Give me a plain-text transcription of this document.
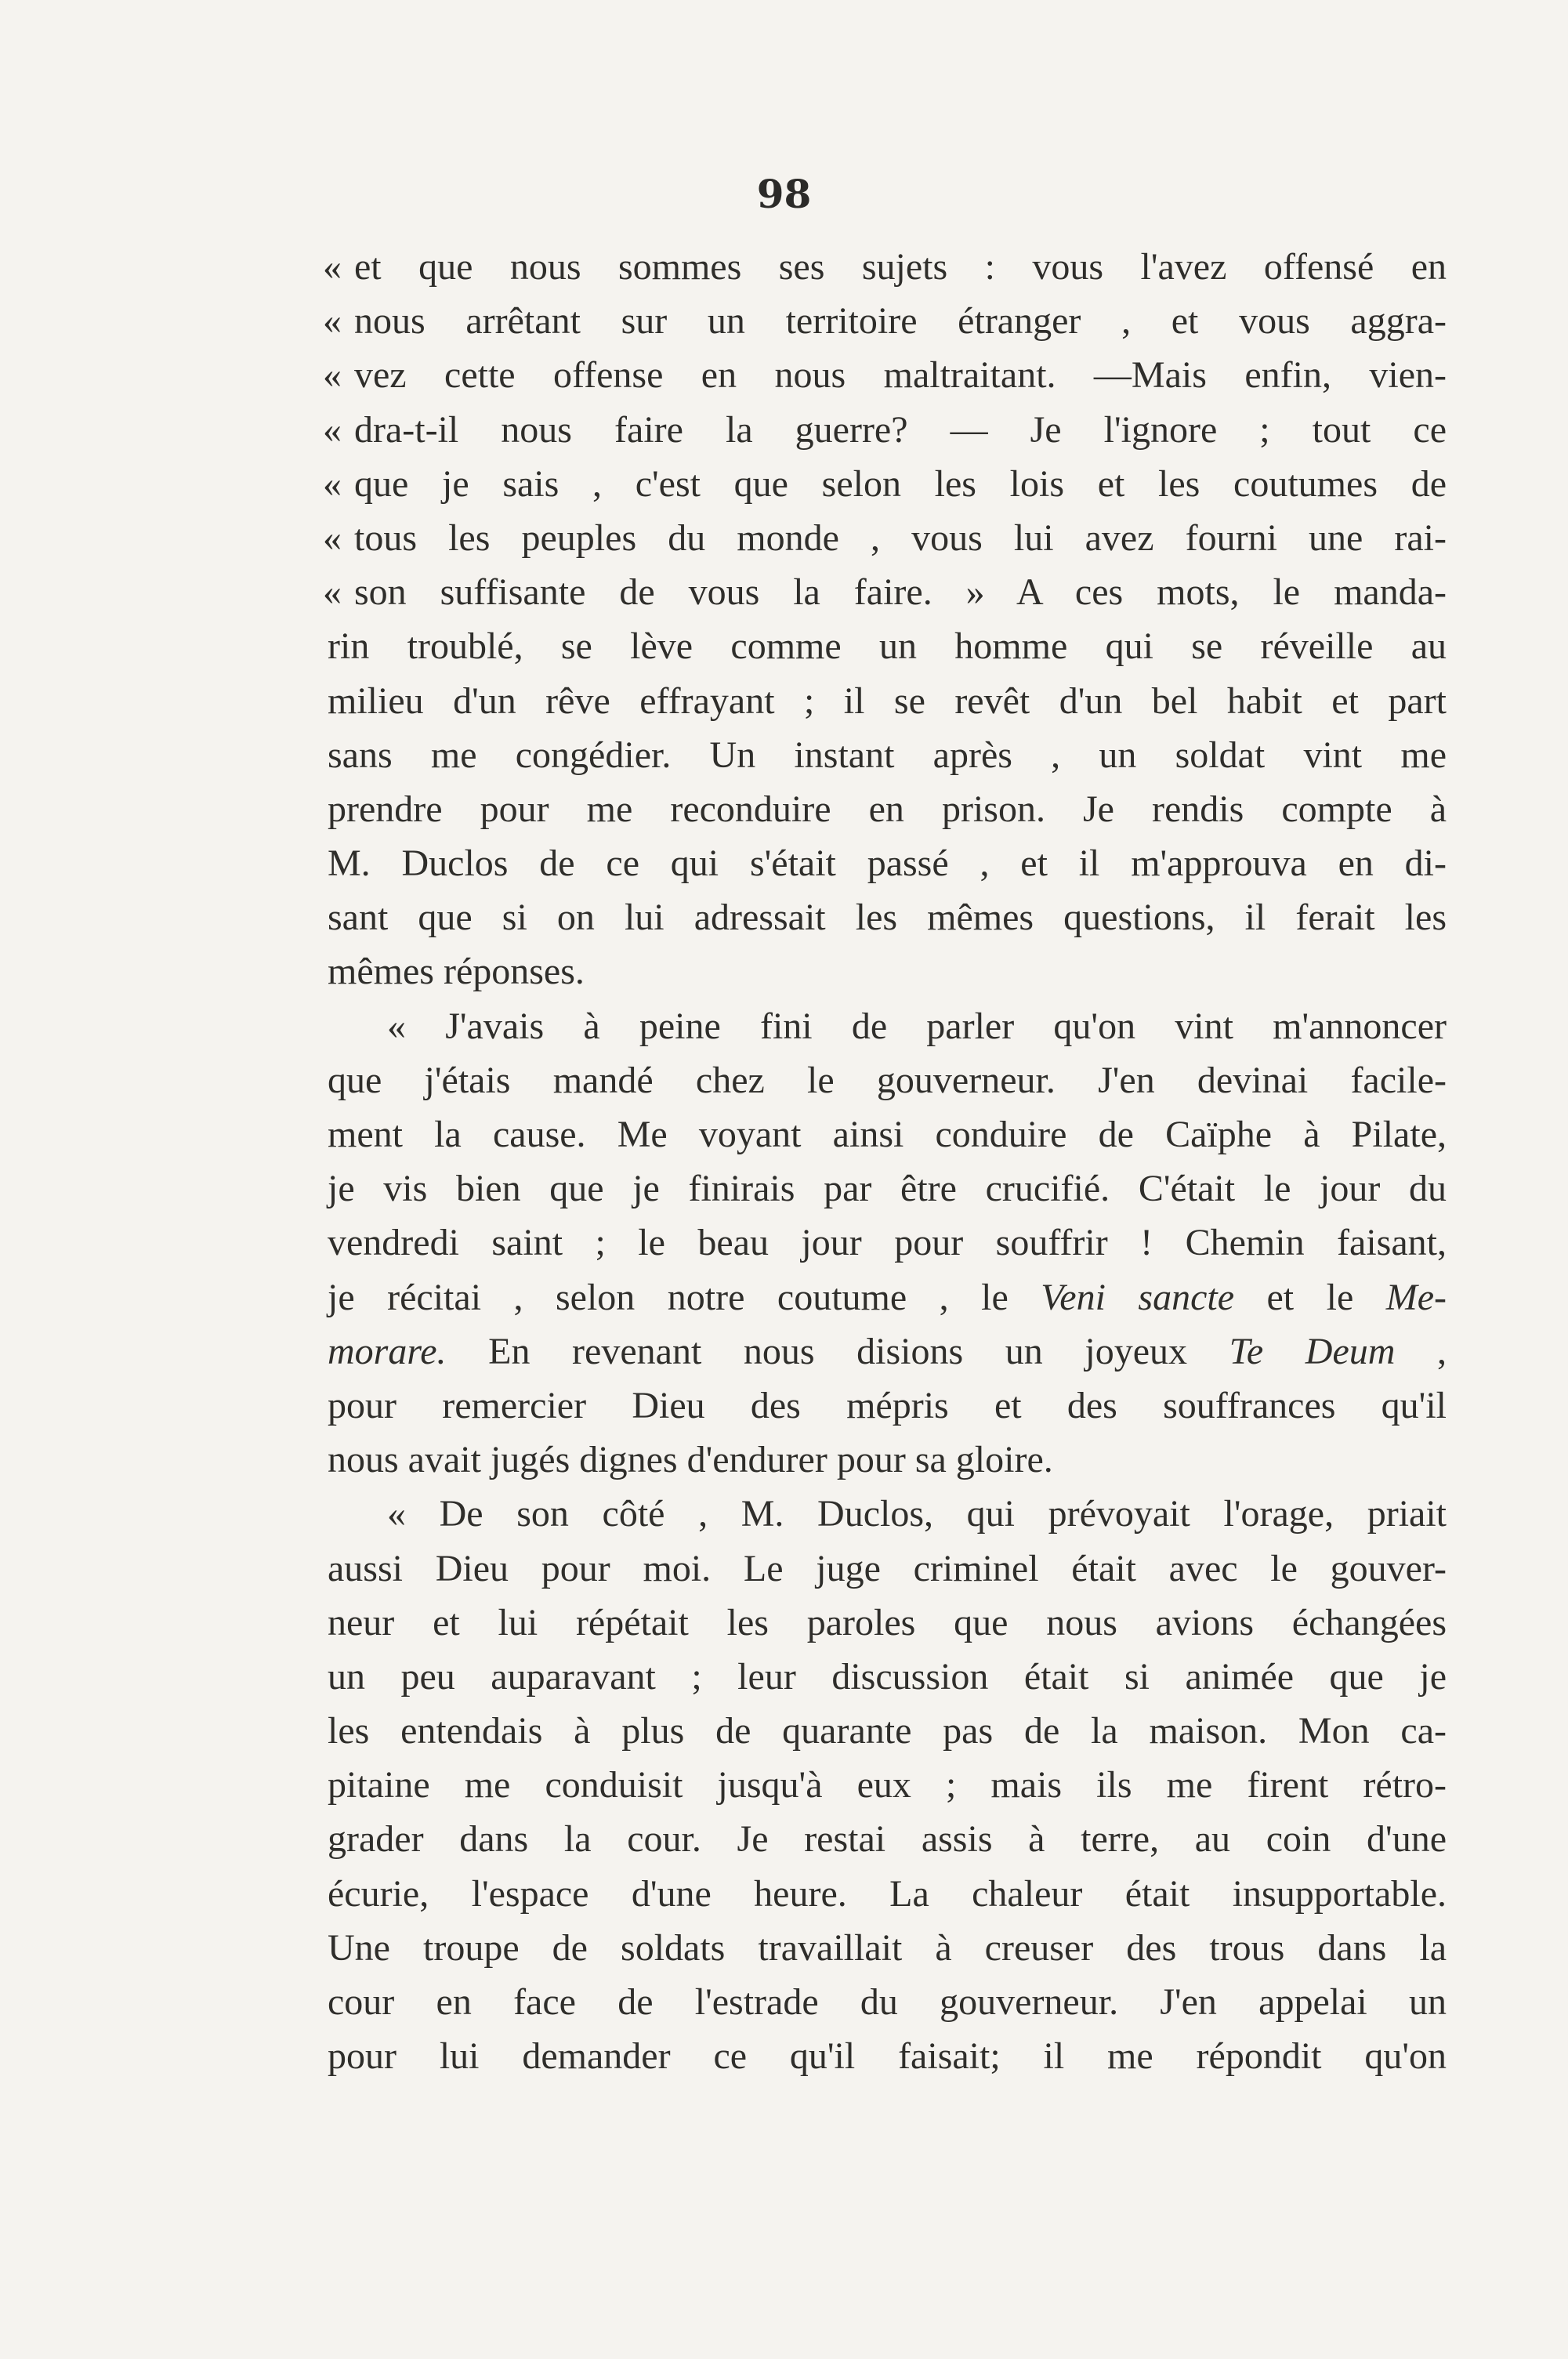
98
« et que nous sommes ses sujets : vous l'avez offensé en
« nous arrêtant sur un territoire étranger , et vous aggra-
« vez cette offense en nous maltraitant. —Mais enfin, vien-
« dra-t-il nous faire la guerre? — Je l'ignore ; tout ce
« que je sais , c'est que selon les lois et les coutumes de
« tous les peuples du monde , vous lui avez fourni une rai-
« son suffisante de vous la faire. » A ces mots, le manda-
rin troublé, se lève comme un homme qui se réveille au
milieu d'un rêve effrayant ; il se revêt d'un bel habit et part
sans me congédier. Un instant après , un soldat vint me
prendre pour me reconduire en prison. Je rendis compte à
M. Duclos de ce qui s'était passé , et il m'approuva en di-
sant que si on lui adressait les mêmes questions, il ferait les
mêmes réponses.
« J'avais à peine fini de parler qu'on vint m'annoncer
que j'étais mandé chez le gouverneur. J'en devinai facile-
ment la cause. Me voyant ainsi conduire de Caïphe à Pilate,
je vis bien que je finirais par être crucifié. C'était le jour du
vendredi saint ; le beau jour pour souffrir ! Chemin faisant,
je récitai , selon notre coutume , le Veni sancte et le Me-
morare. En revenant nous disions un joyeux Te Deum ,
pour remercier Dieu des mépris et des souffrances qu'il
nous avait jugés dignes d'endurer pour sa gloire.
« De son côté , M. Duclos, qui prévoyait l'orage, priait
aussi Dieu pour moi. Le juge criminel était avec le gouver-
neur et lui répétait les paroles que nous avions échangées
un peu auparavant ; leur discussion était si animée que je
les entendais à plus de quarante pas de la maison. Mon ca-
pitaine me conduisit jusqu'à eux ; mais ils me firent rétro-
grader dans la cour. Je restai assis à terre, au coin d'une
écurie, l'espace d'une heure. La chaleur était insupportable.
Une troupe de soldats travaillait à creuser des trous dans la
cour en face de l'estrade du gouverneur. J'en appelai un
pour lui demander ce qu'il faisait; il me répondit qu'on
